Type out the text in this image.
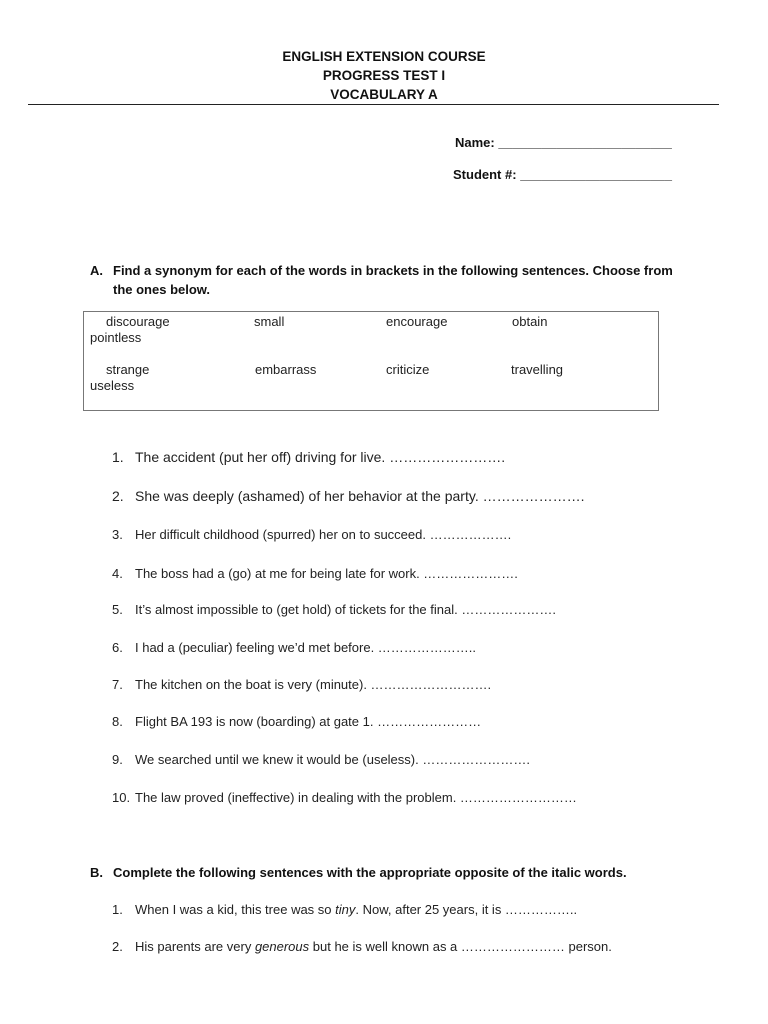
ENGLISH EXTENSION COURSE
PROGRESS TEST I
VOCABULARY A
Name: ________________________
Student #: _____________________
A. Find a synonym for each of the words in brackets in the following sentences. Choose from the ones below.
discourage	small	encourage	obtain
pointless
strange	embarrass	criticize	travelling
useless
1. The accident (put her off) driving for live. …………………….
2. She was deeply (ashamed) of her behavior at the party. ………………….
3. Her difficult childhood (spurred) her on to succeed. ……………….
4. The boss had a (go) at me for being late for work. ………………….
5. It’s almost impossible to (get hold) of tickets for the final. ………………….
6. I had a (peculiar) feeling we’d met before. …………………..
7. The kitchen on the boat is very (minute). ……………………….
8. Flight BA 193 is now (boarding) at gate 1. ……………………
9. We searched until we knew it would be (useless). …………………….
10. The law proved (ineffective) in dealing with the problem. ………………………
B. Complete the following sentences with the appropriate opposite of the italic words.
1. When I was a kid, this tree was so tiny. Now, after 25 years, it is ……………..
2. His parents are very generous but he is well known as a …………………… person.
